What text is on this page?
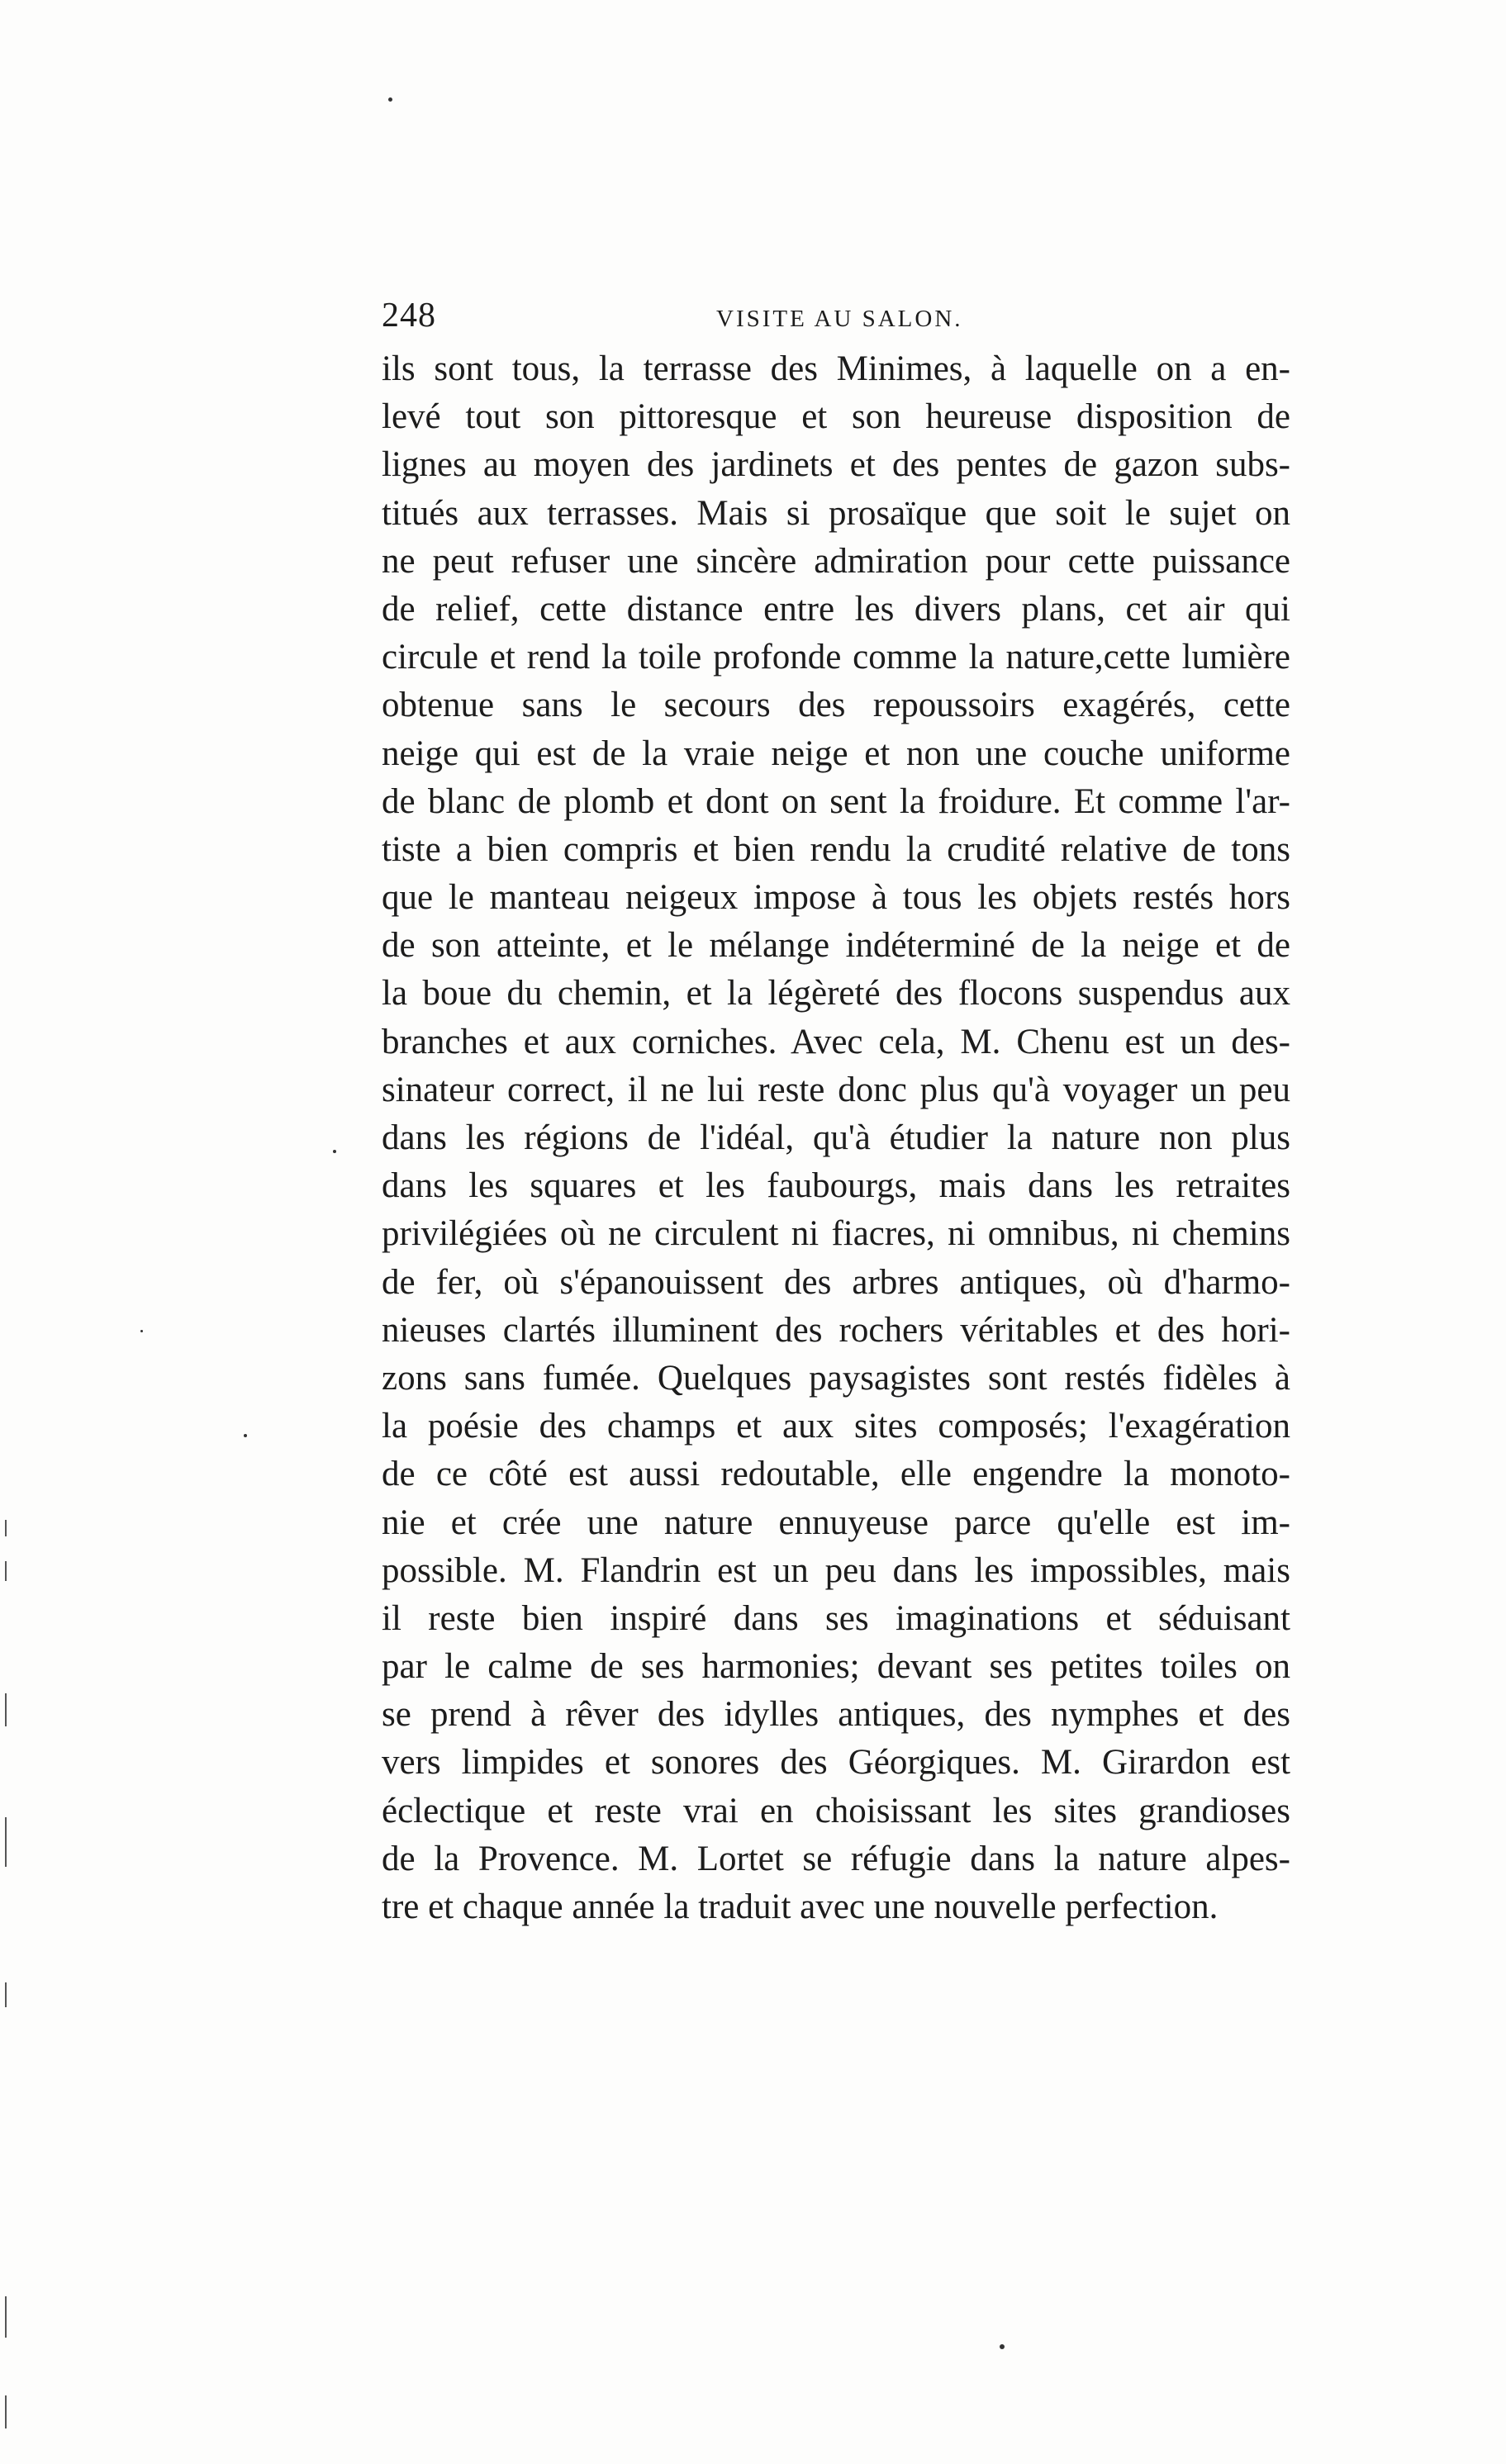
248	VISITE AU SALON.
ils sont tous, la terrasse des Minimes, à laquelle on a en-
levé tout son pittoresque et son heureuse disposition de
lignes au moyen des jardinets et des pentes de gazon subs-
titués aux terrasses. Mais si prosaïque que soit le sujet on
ne peut refuser une sincère admiration pour cette puissance
de relief, cette distance entre les divers plans, cet air qui
circule et rend la toile profonde comme la nature,cette lumière
obtenue sans le secours des repoussoirs exagérés, cette
neige qui est de la vraie neige et non une couche uniforme
de blanc de plomb et dont on sent la froidure. Et comme l'ar-
tiste a bien compris et bien rendu la crudité relative de tons
que le manteau neigeux impose à tous les objets restés hors
de son atteinte, et le mélange indéterminé de la neige et de
la boue du chemin, et la légèreté des flocons suspendus aux
branches et aux corniches. Avec cela, M. Chenu est un des-
sinateur correct, il ne lui reste donc plus qu'à voyager un peu
dans les régions de l'idéal, qu'à étudier la nature non plus
dans les squares et les faubourgs, mais dans les retraites
privilégiées où ne circulent ni fiacres, ni omnibus, ni chemins
de fer, où s'épanouissent des arbres antiques, où d'harmo-
nieuses clartés illuminent des rochers véritables et des hori-
zons sans fumée. Quelques paysagistes sont restés fidèles à
la poésie des champs et aux sites composés; l'exagération
de ce côté est aussi redoutable, elle engendre la monoto-
nie et crée une nature ennuyeuse parce qu'elle est im-
possible. M. Flandrin est un peu dans les impossibles, mais
il reste bien inspiré dans ses imaginations et séduisant
par le calme de ses harmonies; devant ses petites toiles on
se prend à rêver des idylles antiques, des nymphes et des
vers limpides et sonores des Géorgiques. M. Girardon est
éclectique et reste vrai en choisissant les sites grandioses
de la Provence. M. Lortet se réfugie dans la nature alpes-
tre et chaque année la traduit avec une nouvelle perfection.
